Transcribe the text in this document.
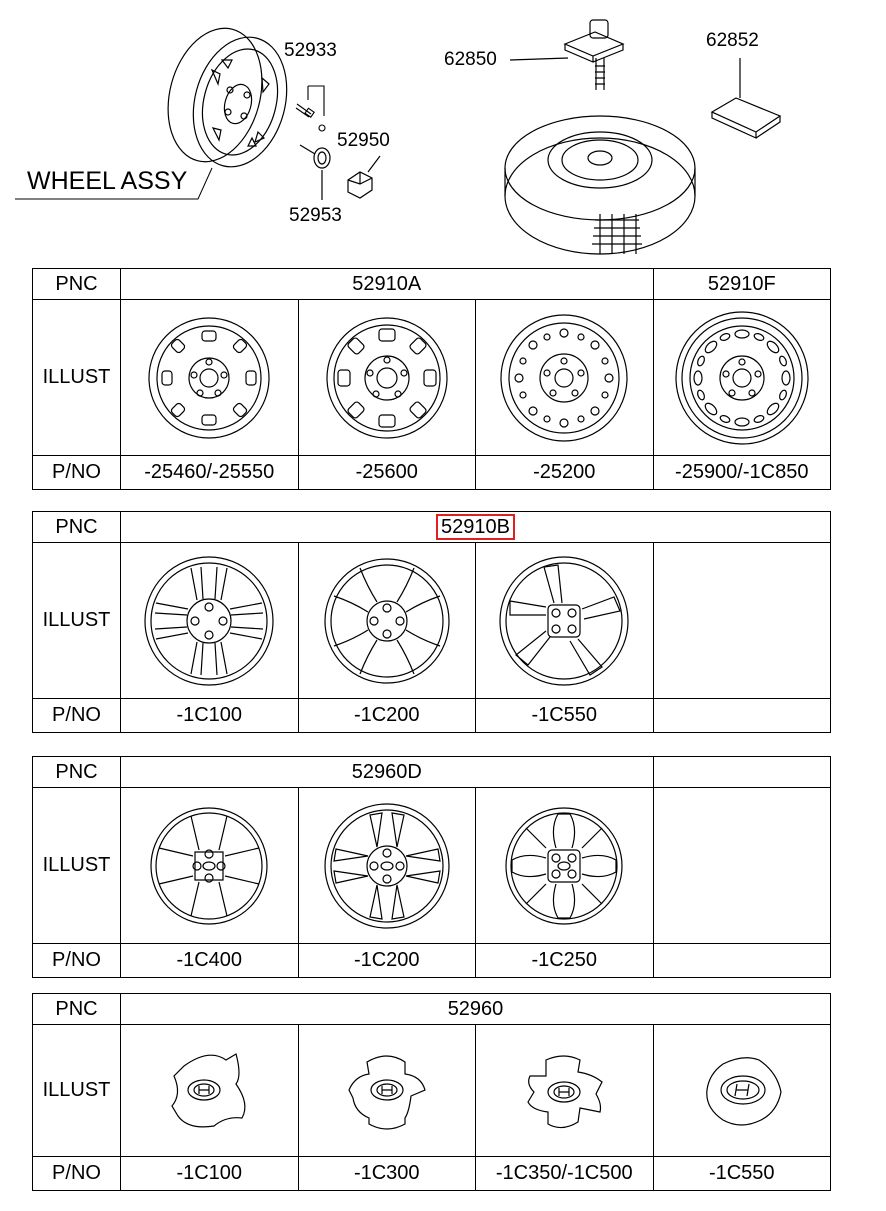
52933
52950
52953
62850
62852
WHEEL ASSY
PNC	52910A			52910F
ILLUST	

P/NO	-25460/-25550	-25600	-25200	-25900/-1C850
PNC	52910B			
ILLUST	

P/NO	-1C100	-1C200	-1C550	
PNC	52960D			
ILLUST	

P/NO	-1C400	-1C200	-1C250	
PNC	52960			
ILLUST	

P/NO	-1C100	-1C300	-1C350/-1C500	-1C550
